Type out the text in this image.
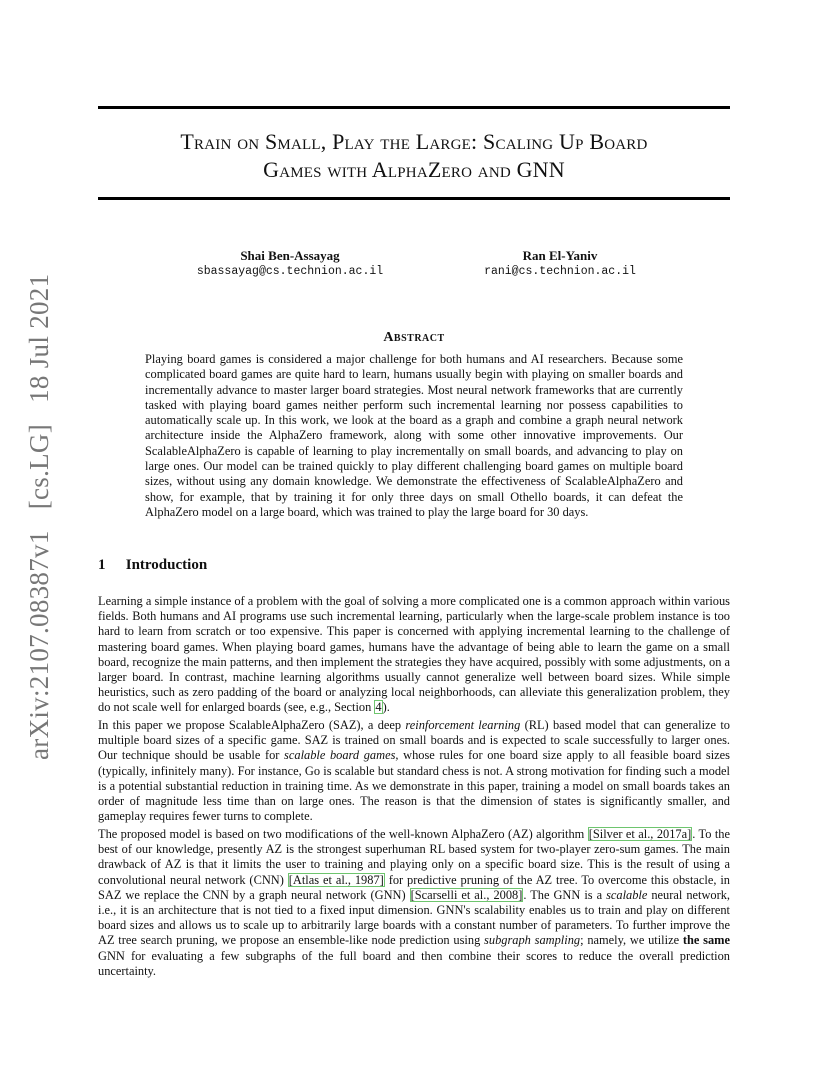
arXiv:2107.08387v1 [cs.LG] 18 Jul 2021
Train on Small, Play the Large: Scaling Up Board
Games with AlphaZero and GNN
Shai Ben-Assayag
sbassayag@cs.technion.ac.il
Ran El-Yaniv
rani@cs.technion.ac.il
Abstract
Playing board games is considered a major challenge for both humans and AI researchers. Because some complicated board games are quite hard to learn, humans usually begin with playing on smaller boards and incrementally advance to master larger board strategies. Most neural network frameworks that are currently tasked with playing board games neither perform such incremental learning nor possess capabilities to automatically scale up. In this work, we look at the board as a graph and combine a graph neural network architecture inside the AlphaZero framework, along with some other innovative improvements. Our ScalableAlphaZero is capable of learning to play incrementally on small boards, and advancing to play on large ones. Our model can be trained quickly to play different challenging board games on multiple board sizes, without using any domain knowledge. We demonstrate the effectiveness of ScalableAlphaZero and show, for example, that by training it for only three days on small Othello boards, it can defeat the AlphaZero model on a large board, which was trained to play the large board for 30 days.
1 Introduction

Learning a simple instance of a problem with the goal of solving a more complicated one is a common approach within various fields. Both humans and AI programs use such incremental learning, particularly when the large-scale problem instance is too hard to learn from scratch or too expensive. This paper is concerned with applying incremental learning to the challenge of mastering board games. When playing board games, humans have the advantage of being able to learn the game on a small board, recognize the main patterns, and then implement the strategies they have acquired, possibly with some adjustments, on a larger board. In contrast, machine learning algorithms usually cannot generalize well between board sizes. While simple heuristics, such as zero padding of the board or analyzing local neighborhoods, can alleviate this generalization problem, they do not scale well for enlarged boards (see, e.g., Section 4).

In this paper we propose ScalableAlphaZero (SAZ), a deep reinforcement learning (RL) based model that can generalize to multiple board sizes of a specific game. SAZ is trained on small boards and is expected to scale successfully to larger ones. Our technique should be usable for scalable board games, whose rules for one board size apply to all feasible board sizes (typically, infinitely many). For instance, Go is scalable but standard chess is not. A strong motivation for finding such a model is a potential substantial reduction in training time. As we demonstrate in this paper, training a model on small boards takes an order of magnitude less time than on large ones. The reason is that the dimension of states is significantly smaller, and gameplay requires fewer turns to complete.

The proposed model is based on two modifications of the well-known AlphaZero (AZ) algorithm [Silver et al., 2017a]. To the best of our knowledge, presently AZ is the strongest superhuman RL based system for two-player zero-sum games. The main drawback of AZ is that it limits the user to training and playing only on a specific board size. This is the result of using a convolutional neural network (CNN) [Atlas et al., 1987] for predictive pruning of the AZ tree. To overcome this obstacle, in SAZ we replace the CNN by a graph neural network (GNN) [Scarselli et al., 2008]. The GNN is a scalable neural network, i.e., it is an architecture that is not tied to a fixed input dimension. GNN's scalability enables us to train and play on different board sizes and allows us to scale up to arbitrarily large boards with a constant number of parameters. To further improve the AZ tree search pruning, we propose an ensemble-like node prediction using subgraph sampling; namely, we utilize the same GNN for evaluating a few subgraphs of the full board and then combine their scores to reduce the overall prediction uncertainty.
